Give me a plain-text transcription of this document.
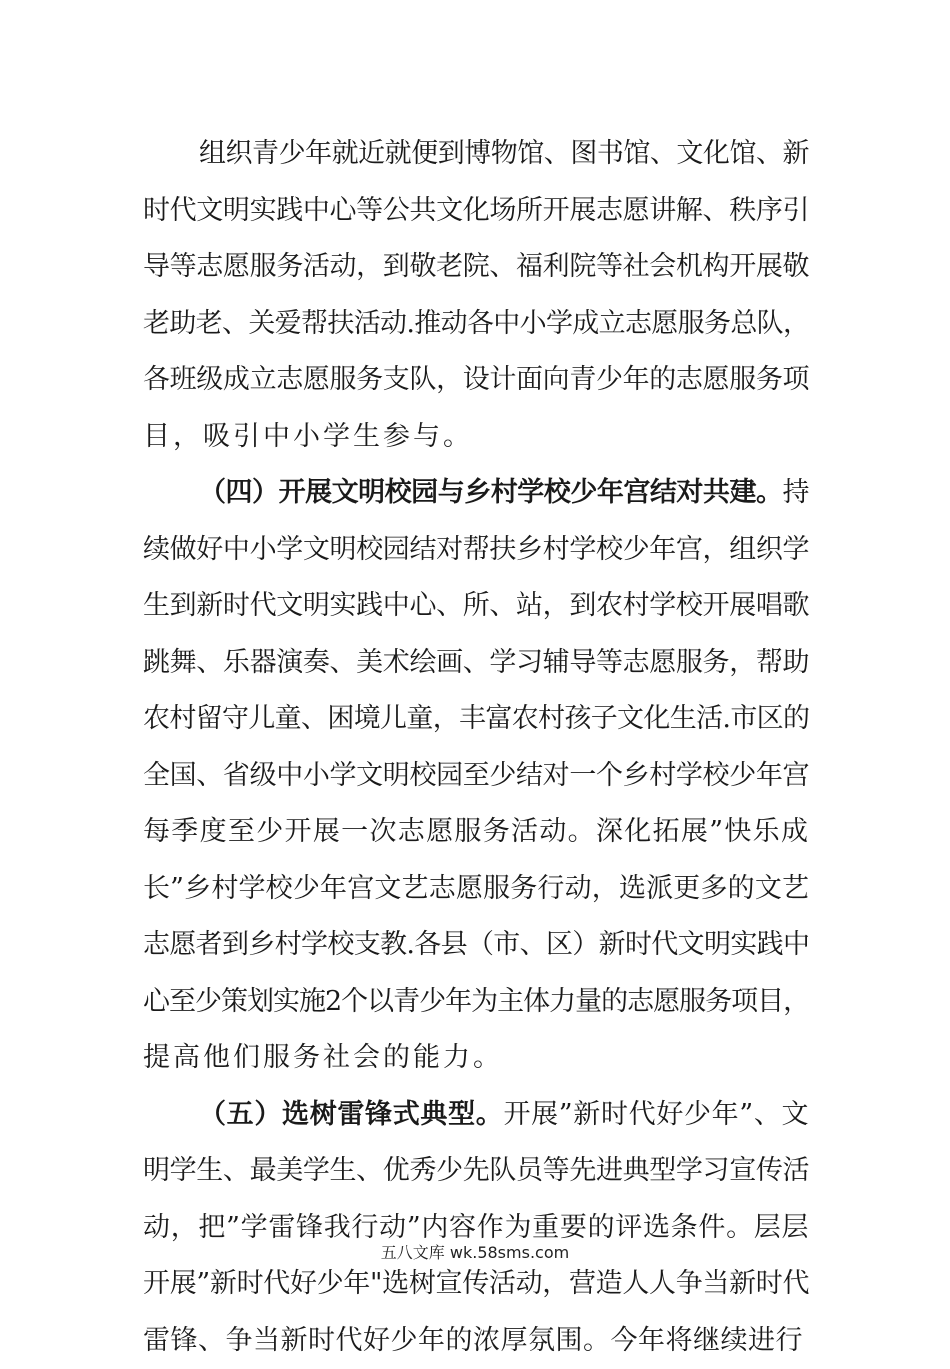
组织青少年就近就便到博物馆、图书馆、文化馆、新
时代文明实践中心等公共文化场所开展志愿讲解、秩序引
导等志愿服务活动，到敬老院、福利院等社会机构开展敬
老助老、关爱帮扶活动.推动各中小学成立志愿服务总队，
各班级成立志愿服务支队，设计面向青少年的志愿服务项
目，吸引中小学生参与。
（四）开展文明校园与乡村学校少年宫结对共建。持
续做好中小学文明校园结对帮扶乡村学校少年宫，组织学
生到新时代文明实践中心、所、站，到农村学校开展唱歌
跳舞、乐器演奏、美术绘画、学习辅导等志愿服务，帮助
农村留守儿童、困境儿童，丰富农村孩子文化生活.市区的
全国、省级中小学文明校园至少结对一个乡村学校少年宫
每季度至少开展一次志愿服务活动。深化拓展”快乐成
长”乡村学校少年宫文艺志愿服务行动，选派更多的文艺
志愿者到乡村学校支教.各县（市、区）新时代文明实践中
心至少策划实施2个以青少年为主体力量的志愿服务项目，
提高他们服务社会的能力。
（五）选树雷锋式典型。开展”新时代好少年”、文
明学生、最美学生、优秀少先队员等先进典型学习宣传活
动，把”学雷锋我行动”内容作为重要的评选条件。层层
开展”新时代好少年"选树宣传活动，营造人人争当新时代
雷锋、争当新时代好少年的浓厚氛围。今年将继续进行
五八文库 wk.58sms.com
